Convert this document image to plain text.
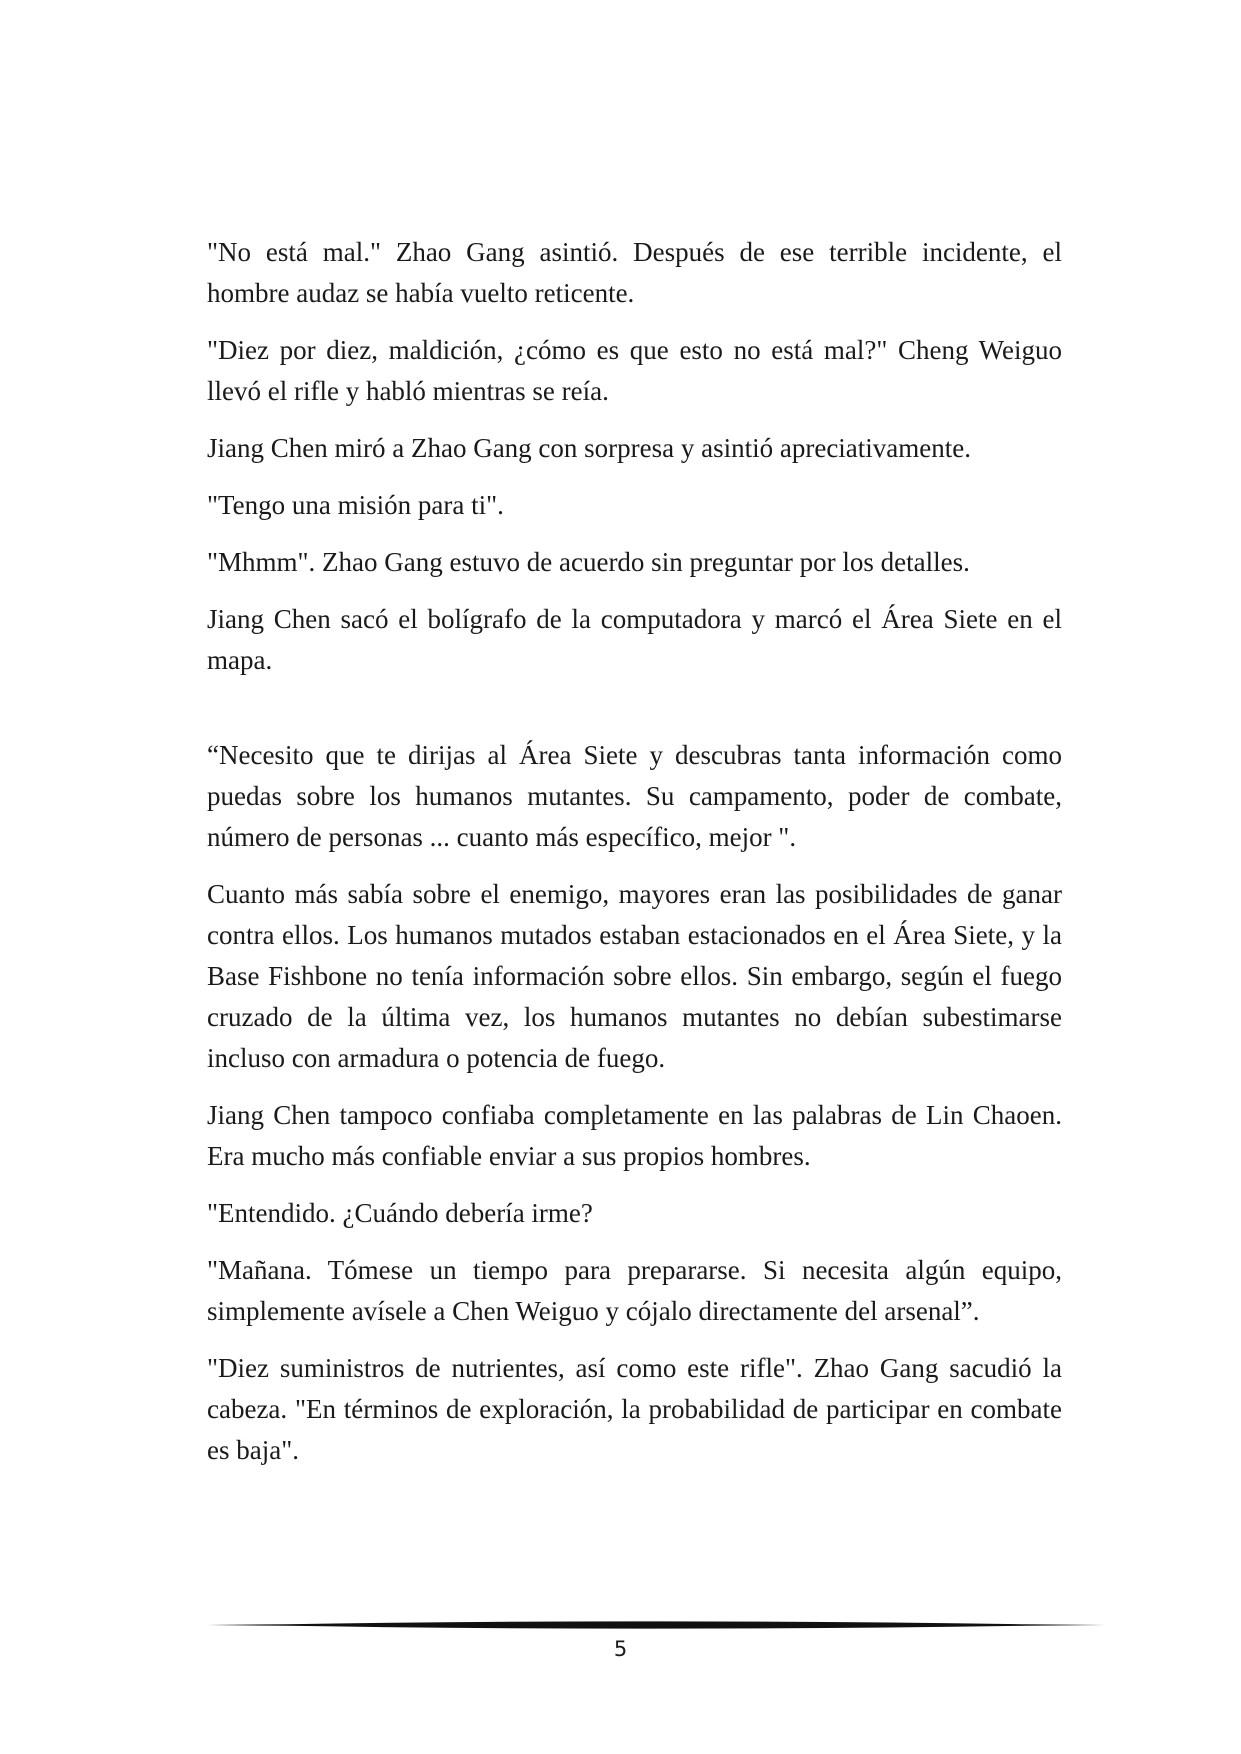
"No está mal." Zhao Gang asintió. Después de ese terrible incidente, el hombre audaz se había vuelto reticente.

"Diez por diez, maldición, ¿cómo es que esto no está mal?" Cheng Weiguo llevó el rifle y habló mientras se reía.

Jiang Chen miró a Zhao Gang con sorpresa y asintió apreciativamente.

"Tengo una misión para ti".

"Mhmm". Zhao Gang estuvo de acuerdo sin preguntar por los detalles.

Jiang Chen sacó el bolígrafo de la computadora y marcó el Área Siete en el mapa.

“Necesito que te dirijas al Área Siete y descubras tanta información como puedas sobre los humanos mutantes. Su campamento, poder de combate, número de personas ... cuanto más específico, mejor ".

Cuanto más sabía sobre el enemigo, mayores eran las posibilidades de ganar contra ellos. Los humanos mutados estaban estacionados en el Área Siete, y la Base Fishbone no tenía información sobre ellos. Sin embargo, según el fuego cruzado de la última vez, los humanos mutantes no debían subestimarse incluso con armadura o potencia de fuego.

Jiang Chen tampoco confiaba completamente en las palabras de Lin Chaoen. Era mucho más confiable enviar a sus propios hombres.

"Entendido. ¿Cuándo debería irme?

"Mañana. Tómese un tiempo para prepararse. Si necesita algún equipo, simplemente avísele a Chen Weiguo y cójalo directamente del arsenal”.

"Diez suministros de nutrientes, así como este rifle". Zhao Gang sacudió la cabeza. "En términos de exploración, la probabilidad de participar en combate es baja".

5
